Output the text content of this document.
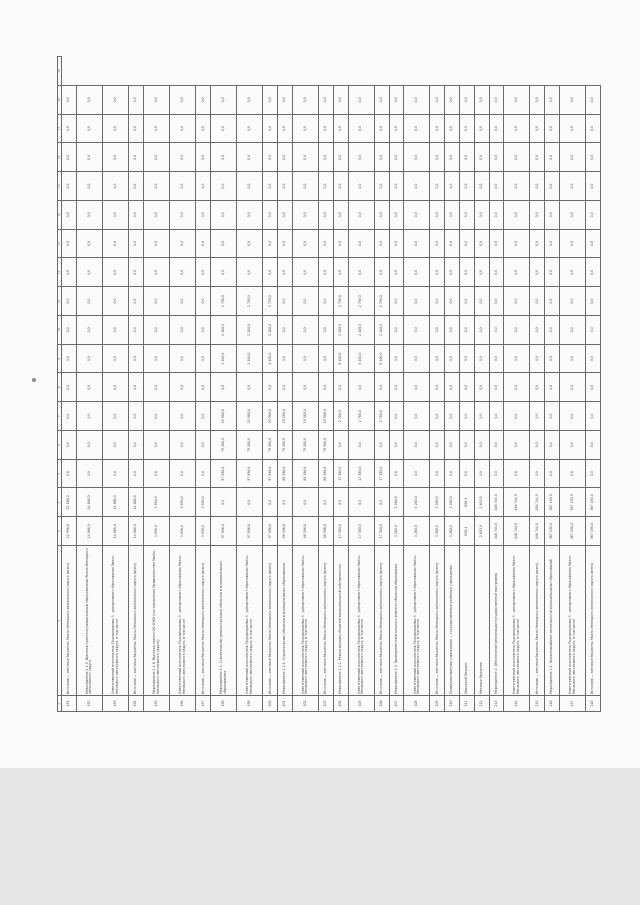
1	2	3	4	5	6	7	8	9	10	11	12	13	14	15	16	17	18	19
191	Источник — местные бюджеты Ямало-Ненецкого автономного округа (всего)	22 996,8	22 166,0	0,0	0,0	0,0	0,0	0,0	0,0	0,0	0,0	0,0	0,0	0,0	0,0	0,0	0,0	
192	Мероприятие 1.1.5. Выплаты гранта муниципальным образованиям Ямало-Ненецкого автономного округа	14 868,0	14 868,0	0,0	0,0	0,0	0,0	0,0	0,0	0,0	0,0	0,0	0,0	0,0	0,0	0,0	0,0	
193	Ответственный исполнитель Подпрограммы 3 - департамент образования Ямало-Ненецкого автономного округа, в том числе	14 868,0	14 868,0	0,0	0,0	0,0	0,0	0,0	0,0	0,0	0,0	0,0	0,0	0,0	0,0	0,0	0,0	
194	Источник — местные бюджеты Ямало-Ненецкого автономного округа (всего)	14 868,0	14 868,0	0,0	0,0	0,0	0,0	0,0	0,0	0,0	0,0	0,0	0,0	0,0	0,0	0,0	0,0	
195	Мероприятие 1.1.6. Выплаты гранта ОО ФЖО (постановление Правительства Ямало-Ненецкого автономного округа)	3 890,0	3 890,0	0,0	0,0	0,0	0,0	0,0	0,0	0,0	0,0	0,0	0,0	0,0	0,0	0,0	0,0	
196	Ответственный исполнитель Подпрограммы 3 - департамент образования Ямало-Ненецкого автономного округа, в том числе	3 890,0	3 890,0	0,0	0,0	0,0	0,0	0,0	0,0	0,0	0,0	0,0	0,0	0,0	0,0	0,0	0,0	
197	Источник — местные бюджеты Ямало-Ненецкого автономного округа (всего)	3 890,0	3 890,0	0,0	0,0	0,0	0,0	0,0	0,0	0,0	0,0	0,0	0,0	0,0	0,0	0,0	0,0	
198	Мероприятие 1.2. Строительство (реконструкция) объектов в муниципальных образованиях	97 896,8	0,0	97 896,8	79 580,0	23 980,8	0,0	1 100,0	2 100,0	2 790,0	0,0	0,0	0,0	0,0	0,0	0,0	0,0	
199	Ответственный исполнитель Подпрограммы 3 - департамент образования Ямало-Ненецкого автономного округа, в том числе	97 896,8	0,0	97 896,8	79 580,0	23 980,8	0,0	1 100,0	2 100,0	2 790,0	0,0	0,0	0,0	0,0	0,0	0,0	0,0	
200	Источник — местные бюджеты Ямало-Ненецкого автономного округа (всего)	97 896,8	0,0	97 896,8	79 580,0	23 980,8	0,0	1 100,0	2 100,0	2 790,0	0,0	0,0	0,0	0,0	0,0	0,0	0,0	
201	Мероприятие 1.2.1. Строительство объектов в муниципальных образованиях	88 596,8	0,0	88 596,8	79 580,0	19 580,0	0,0	0,0	0,0	0,0	0,0	0,0	0,0	0,0	0,0	0,0	0,0	
202	Ответственный исполнитель Подпрограммы 3 - департамент образования Ямало-Ненецкого автономного округа, в том числе	88 596,8	0,0	88 596,8	79 580,0	19 580,0	0,0	0,0	0,0	0,0	0,0	0,0	0,0	0,0	0,0	0,0	0,0	
203	Источник — местные бюджеты Ямало-Ненецкого автономного округа (всего)	88 596,8	0,0	88 596,8	79 580,0	19 580,0	0,0	0,0	0,0	0,0	0,0	0,0	0,0	0,0	0,0	0,0	0,0	
204	Мероприятие 1.2.2. Реконструкция объектов муниципальной собственности	17 580,0	0,0	17 580,0	0,0	2 780,0	0,0	9 100,0	2 100,0	2 790,0	0,0	0,0	0,0	0,0	0,0	0,0	0,0	
205	Ответственный исполнитель Подпрограммы 3 - департамент образования Ямало-Ненецкого автономного округа, в том числе	17 580,0	0,0	17 580,0	0,0	2 780,0	0,0	9 100,0	2 100,0	2 790,0	0,0	0,0	0,0	0,0	0,0	0,0	0,0	
206	Источник — местные бюджеты Ямало-Ненецкого автономного округа (всего)	17 580,0	0,0	17 580,0	0,0	2 780,0	0,0	9 100,0	2 100,0	2 790,0	0,0	0,0	0,0	0,0	0,0	0,0	0,0	
207	Мероприятие 1.3. Проведение капитального ремонта объектов образования	3 260,0	3 260,0	0,0	0,0	0,0	0,0	0,0	0,0	0,0	0,0	0,0	0,0	0,0	0,0	0,0	0,0	
208	Ответственный исполнитель Подпрограммы 3 - департамент образования Ямало-Ненецкого автономного округа, в том числе	3 260,0	3 260,0	0,0	0,0	0,0	0,0	0,0	0,0	0,0	0,0	0,0	0,0	0,0	0,0	0,0	0,0	
209	Источник — местные бюджеты Ямало-Ненецкого автономного округа (всего)	3 260,0	3 260,0	0,0	0,0	0,0	0,0	0,0	0,0	0,0	0,0	0,0	0,0	0,0	0,0	0,0	0,0	
210	Подведомственные учреждения — государственные казённые учреждения	3 260,0	3 260,0	0,0	0,0	0,0	0,0	0,0	0,0	0,0	0,0	0,0	0,0	0,0	0,0	0,0	0,0	
211	Окружной бюджет	656,1	656,1	0,0	0,0	0,0	0,0	0,0	0,0	0,0	0,0	0,0	0,0	0,0	0,0	0,0	0,0	
212	Местные бюджеты	2 603,9	2 603,9	0,0	0,0	0,0	0,0	0,0	0,0	0,0	0,0	0,0	0,0	0,0	0,0	0,0	0,0	
213	Мероприятие 2. Обеспечение реализации государственной программы	446 744,0	446 744,0	0,0	0,0	0,0	0,0	0,0	0,0	0,0	0,0	0,0	0,0	0,0	0,0	0,0	0,0	
214	Ответственный исполнитель Подпрограммы 3 - департамент образования Ямало-Ненецкого автономного округа, в том числе	446 744,0	446 744,0	0,0	0,0	0,0	0,0	0,0	0,0	0,0	0,0	0,0	0,0	0,0	0,0	0,0	0,0	
215	Источник — местные бюджеты Ямало-Ненецкого автономного округа (всего)	446 744,0	446 744,0	0,0	0,0	0,0	0,0	0,0	0,0	0,0	0,0	0,0	0,0	0,0	0,0	0,0	0,0	
216	Мероприятие 2.1. Финансирование деятельности муниципальных образований	367 190,0	367 190,0	0,0	0,0	0,0	0,0	0,0	0,0	0,0	0,0	0,0	0,0	0,0	0,0	0,0	0,0	
217	Ответственный исполнитель Подпрограммы 3 - департамент образования Ямало-Ненецкого автономного округа, в том числе	367 190,0	367 190,0	0,0	0,0	0,0	0,0	0,0	0,0	0,0	0,0	0,0	0,0	0,0	0,0	0,0	0,0	
218	Источник — местные бюджеты Ямало-Ненецкого автономного округа (всего)	367 190,0	367 190,0	0,0	0,0	0,0	0,0	0,0	0,0	0,0	0,0	0,0	0,0	0,0	0,0	0,0	0,0	
